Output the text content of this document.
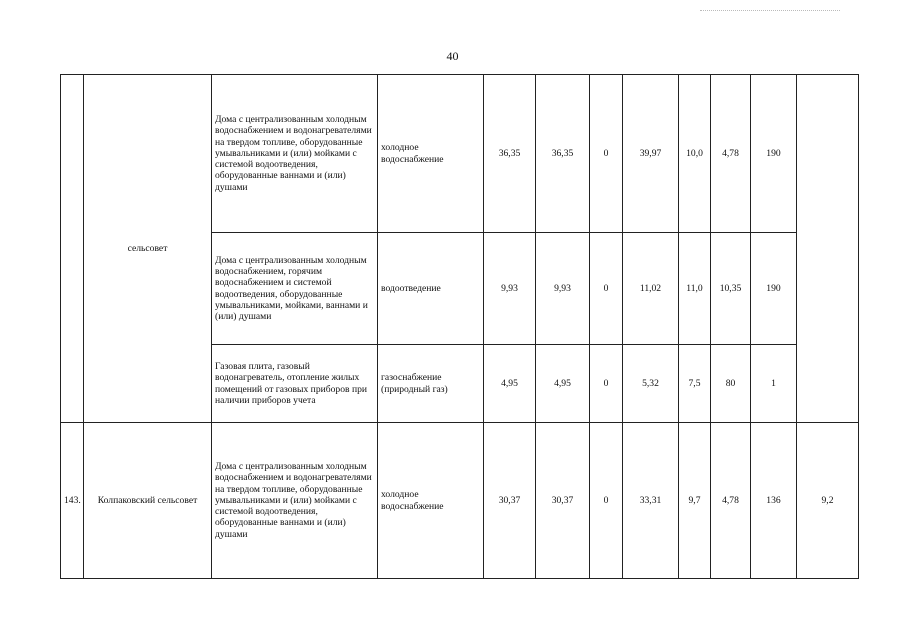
40
	сельсовет	Дома с централизованным холодным водоснабжением и водонагревателями на твердом топливе, оборудованные умывальниками и (или) мойками с системой водоотведения, оборудованные ваннами и (или) душами	холодное водоснабжение	36,35	36,35	0	39,97	10,0	4,78	190	
		Дома с централизованным холодным водоснабжением, горячим водоснабжением и системой водоотведения, оборудованные умывальниками, мойками, ваннами и (или) душами	водоотведение	9,93	9,93	0	11,02	11,0	10,35	190	
		Газовая плита, газовый водонагреватель, отопление жилых помещений от газовых приборов при наличии приборов учета	газоснабжение (природный газ)	4,95	4,95	0	5,32	7,5	80	1	
143.	Колпаковский сельсовет	Дома с централизованным холодным водоснабжением и водонагревателями на твердом топливе, оборудованные умывальниками и (или) мойками с системой водоотведения, оборудованные ваннами и (или) душами	холодное водоснабжение	30,37	30,37	0	33,31	9,7	4,78	136	9,2
